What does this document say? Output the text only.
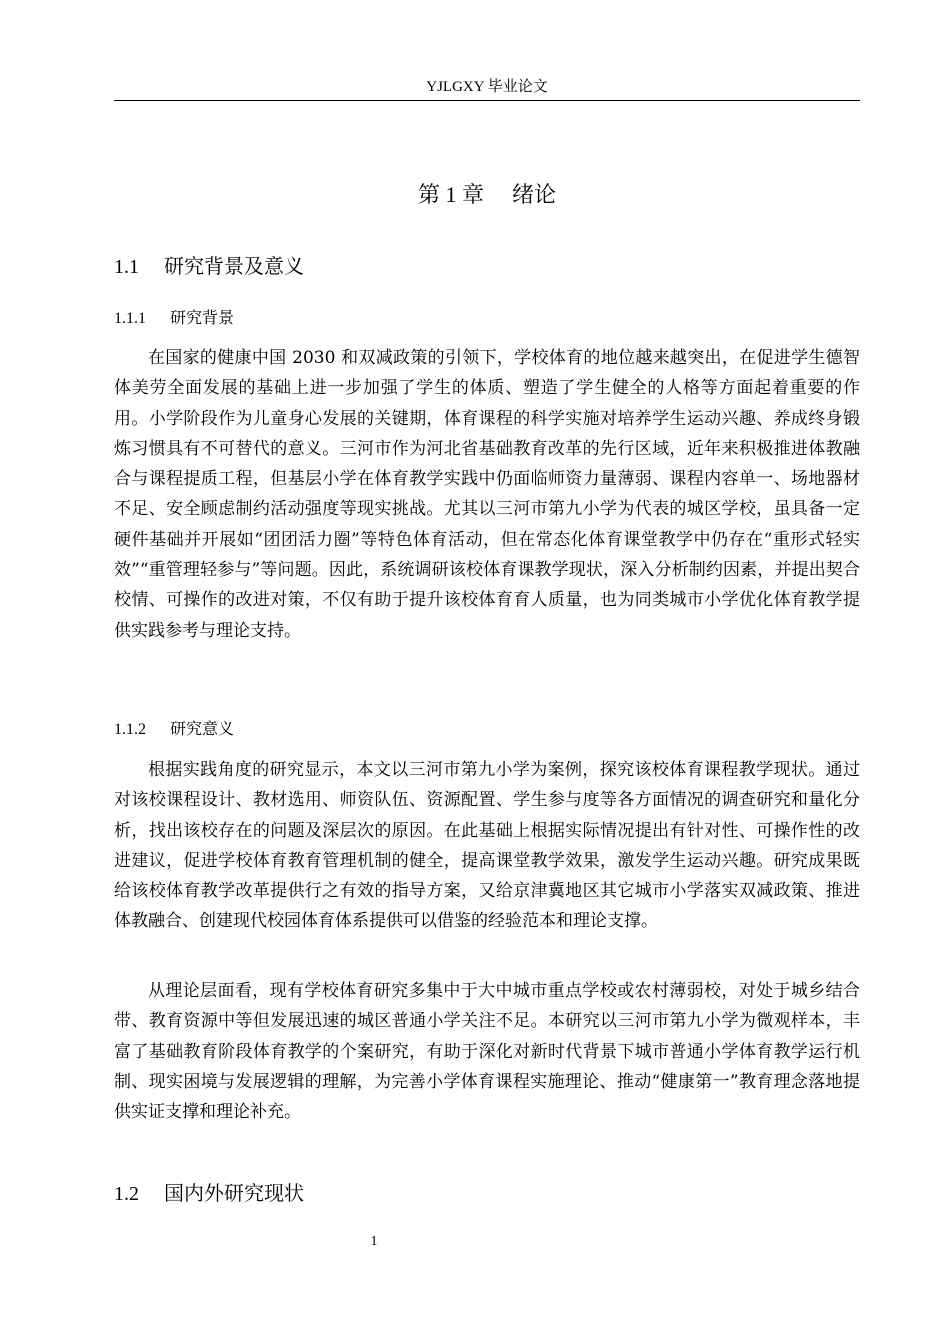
YJLGXY 毕业论文
第 1 章 绪论
1.1 研究背景及意义
1.1.1 研究背景

在国家的健康中国 2030 和双减政策的引领下，学校体育的地位越来越突出，在促进学生德智体美劳全面发展的基础上进一步加强了学生的体质、塑造了学生健全的人格等方面起着重要的作用。小学阶段作为儿童身心发展的关键期，体育课程的科学实施对培养学生运动兴趣、养成终身锻炼习惯具有不可替代的意义。三河市作为河北省基础教育改革的先行区域，近年来积极推进体教融合与课程提质工程，但基层小学在体育教学实践中仍面临师资力量薄弱、课程内容单一、场地器材不足、安全顾虑制约活动强度等现实挑战。尤其以三河市第九小学为代表的城区学校，虽具备一定硬件基础并开展如“团团活力圈”等特色体育活动，但在常态化体育课堂教学中仍存在“重形式轻实效”“重管理轻参与”等问题。因此，系统调研该校体育课教学现状，深入分析制约因素，并提出契合校情、可操作的改进对策，不仅有助于提升该校体育育人质量，也为同类城市小学优化体育教学提供实践参考与理论支持。

1.1.2 研究意义

根据实践角度的研究显示，本文以三河市第九小学为案例，探究该校体育课程教学现状。通过对该校课程设计、教材选用、师资队伍、资源配置、学生参与度等各方面情况的调查研究和量化分析，找出该校存在的问题及深层次的原因。在此基础上根据实际情况提出有针对性、可操作性的改进建议，促进学校体育教育管理机制的健全，提高课堂教学效果，激发学生运动兴趣。研究成果既给该校体育教学改革提供行之有效的指导方案，又给京津冀地区其它城市小学落实双减政策、推进体教融合、创建现代校园体育体系提供可以借鉴的经验范本和理论支撑。

从理论层面看，现有学校体育研究多集中于大中城市重点学校或农村薄弱校，对处于城乡结合带、教育资源中等但发展迅速的城区普通小学关注不足。本研究以三河市第九小学为微观样本，丰富了基础教育阶段体育教学的个案研究，有助于深化对新时代背景下城市普通小学体育教学运行机制、现实困境与发展逻辑的理解，为完善小学体育课程实施理论、推动“健康第一”教育理念落地提供实证支撑和理论补充。

1.2 国内外研究现状
1
